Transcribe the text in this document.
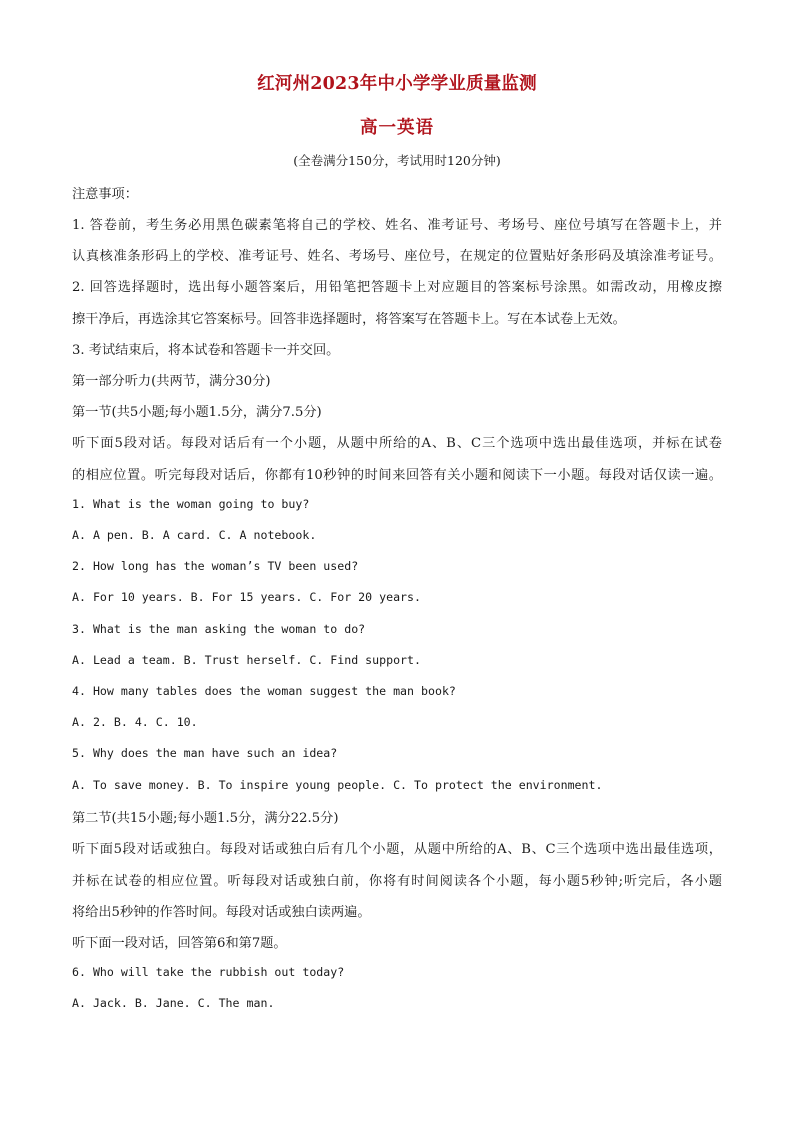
红河州2023年中小学学业质量监测
高一英语
(全卷满分150分，考试用时120分钟)
注意事项：
1. 答卷前，考生务必用黑色碳素笔将自己的学校、姓名、准考证号、考场号、座位号填写在答题卡上，并
认真核准条形码上的学校、准考证号、姓名、考场号、座位号，在规定的位置贴好条形码及填涂准考证号。
2. 回答选择题时，选出每小题答案后，用铅笔把答题卡上对应题目的答案标号涂黑。如需改动，用橡皮擦
擦干净后，再选涂其它答案标号。回答非选择题时，将答案写在答题卡上。写在本试卷上无效。
3. 考试结束后，将本试卷和答题卡一并交回。
第一部分听力(共两节，满分30分)
第一节(共5小题;每小题1.5分，满分7.5分)
听下面5段对话。每段对话后有一个小题，从题中所给的A、B、C三个选项中选出最佳选项，并标在试卷
的相应位置。听完每段对话后，你都有10秒钟的时间来回答有关小题和阅读下一小题。每段对话仅读一遍。
1. What is the woman going to buy?
A. A pen. B. A card. C. A notebook.
2. How long has the woman’s TV been used?
A. For 10 years. B. For 15 years. C. For 20 years.
3. What is the man asking the woman to do?
A. Lead a team. B. Trust herself. C. Find support.
4. How many tables does the woman suggest the man book?
A. 2. B. 4. C. 10.
5. Why does the man have such an idea?
A. To save money. B. To inspire young people. C. To protect the environment.
第二节(共15小题;每小题1.5分，满分22.5分)
听下面5段对话或独白。每段对话或独白后有几个小题，从题中所给的A、B、C三个选项中选出最佳选项，
并标在试卷的相应位置。听每段对话或独白前，你将有时间阅读各个小题，每小题5秒钟;听完后，各小题
将给出5秒钟的作答时间。每段对话或独白读两遍。
听下面一段对话，回答第6和第7题。
6. Who will take the rubbish out today?
A. Jack. B. Jane. C. The man.
